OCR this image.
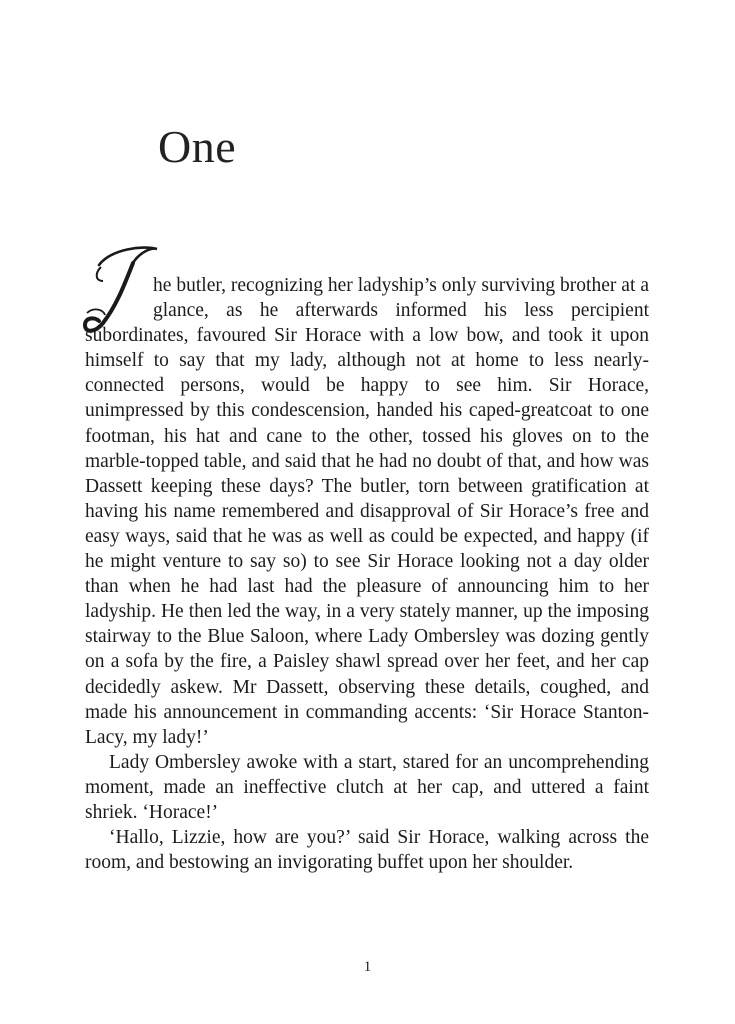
One

he butler, recognizing her ladyship’s only surviving brother at a glance, as he afterwards informed his less percipient subordinates, favoured Sir Horace with a low bow, and took it upon himself to say that my lady, although not at home to less nearly-connected persons, would be happy to see him. Sir Horace, unimpressed by this condescension, handed his caped-greatcoat to one footman, his hat and cane to the other, tossed his gloves on to the marble-topped table, and said that he had no doubt of that, and how was Dassett keeping these days? The butler, torn between gratification at having his name remembered and disapproval of Sir Horace’s free and easy ways, said that he was as well as could be expected, and happy (if he might venture to say so) to see Sir Horace looking not a day older than when he had last had the pleasure of announcing him to her ladyship. He then led the way, in a very stately manner, up the imposing stairway to the Blue Saloon, where Lady Ombersley was dozing gently on a sofa by the fire, a Paisley shawl spread over her feet, and her cap decidedly askew. Mr Dassett, observing these details, coughed, and made his announcement in commanding accents: ‘Sir Horace Stanton-Lacy, my lady!’

Lady Ombersley awoke with a start, stared for an uncomprehending moment, made an ineffective clutch at her cap, and uttered a faint shriek. ‘Horace!’

‘Hallo, Lizzie, how are you?’ said Sir Horace, walking across the room, and bestowing an invigorating buffet upon her shoulder.

1
